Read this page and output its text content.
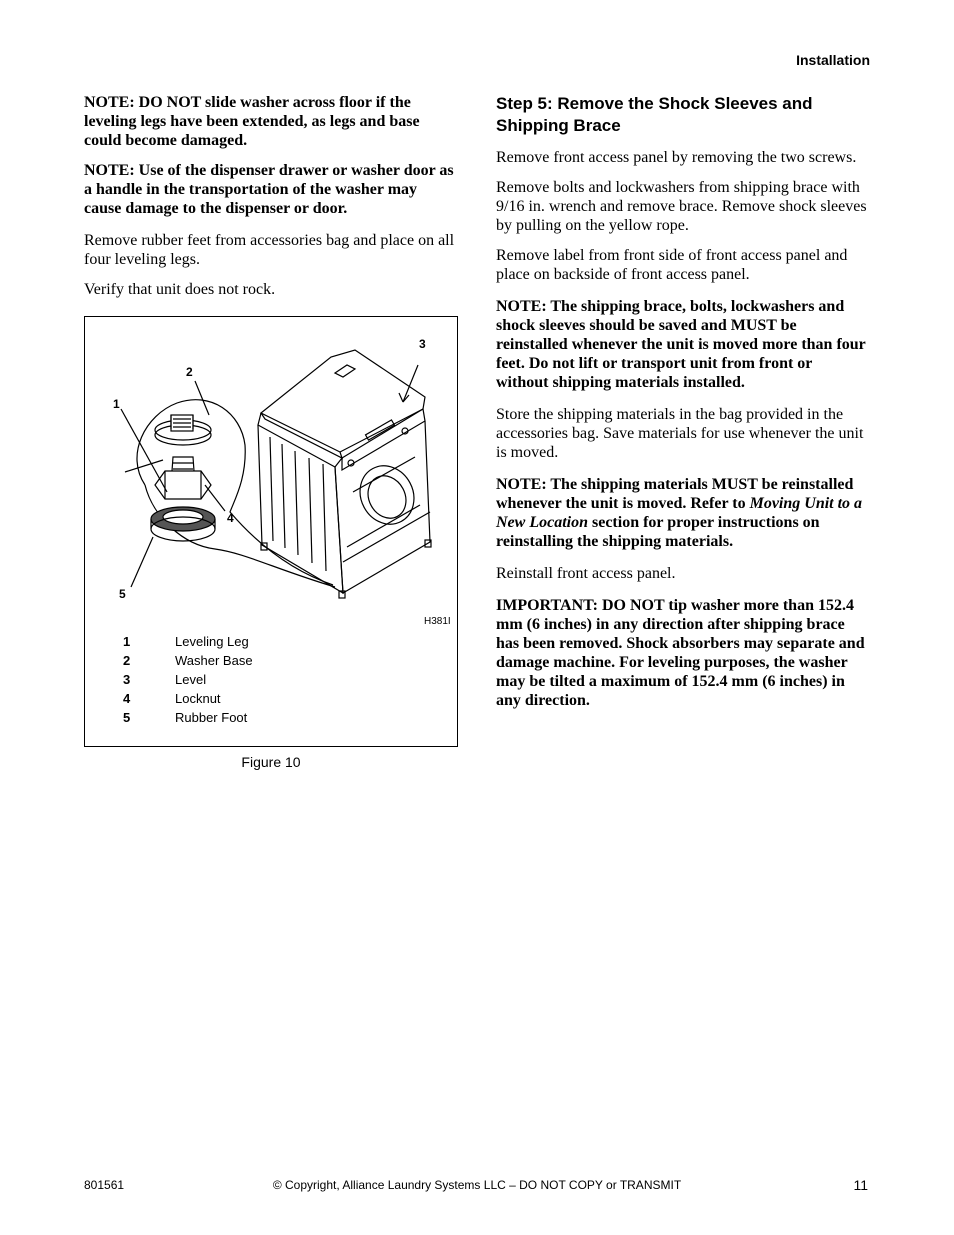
Installation

NOTE: DO NOT slide washer across floor if the leveling legs have been extended, as legs and base could become damaged.

NOTE: Use of the dispenser drawer or washer door as a handle in the transportation of the washer may cause damage to the dispenser or door.

Remove rubber feet from accessories bag and place on all four leveling legs.

Verify that unit does not rock.

1
2
3
4
5
H381I
1	Leveling Leg
2	Washer Base
3	Level
4	Locknut
5	Rubber Foot
Figure 10
Step 5: Remove the Shock Sleeves and Shipping Brace

Remove front access panel by removing the two screws.

Remove bolts and lockwashers from shipping brace with 9/16 in. wrench and remove brace. Remove shock sleeves by pulling on the yellow rope.

Remove label from front side of front access panel and place on backside of front access panel.

NOTE: The shipping brace, bolts, lockwashers and shock sleeves should be saved and MUST be reinstalled whenever the unit is moved more than four feet. Do not lift or transport unit from front or without shipping materials installed.

Store the shipping materials in the bag provided in the accessories bag. Save materials for use whenever the unit is moved.

NOTE: The shipping materials MUST be reinstalled whenever the unit is moved. Refer to Moving Unit to a New Location section for proper instructions on reinstalling the shipping materials.

Reinstall front access panel.

IMPORTANT: DO NOT tip washer more than 152.4 mm (6 inches) in any direction after shipping brace has been removed. Shock absorbers may separate and damage machine. For leveling purposes, the washer may be tilted a maximum of 152.4 mm (6 inches) in any direction.

801561	© Copyright, Alliance Laundry Systems LLC – DO NOT COPY or TRANSMIT	11
